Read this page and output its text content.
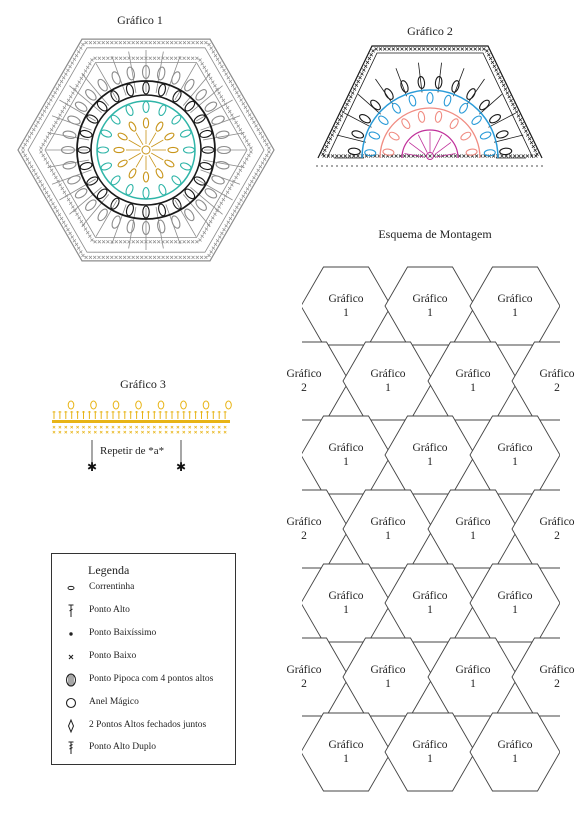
Gráfico 1
Gráfico 2
Gráfico 3
Esquema de Montagem
✱	✱
Repetir de *a*
Gráfico
1
Gráfico
1
Gráfico
1
Gráfico
2
Gráfico
1
Gráfico
1
Gráfico
2
Gráfico
1
Gráfico
1
Gráfico
1
Gráfico
2
Gráfico
1
Gráfico
1
Gráfico
2
Gráfico
1
Gráfico
1
Gráfico
1
Gráfico
2
Gráfico
1
Gráfico
1
Gráfico
2
Gráfico
1
Gráfico
1
Gráfico
1
Legenda
Correntinha
Ponto Alto
Ponto Baixíssimo
Ponto Baixo
Ponto Pipoca com 4 pontos altos
Anel Mágico
2 Pontos Altos fechados juntos
Ponto Alto Duplo
